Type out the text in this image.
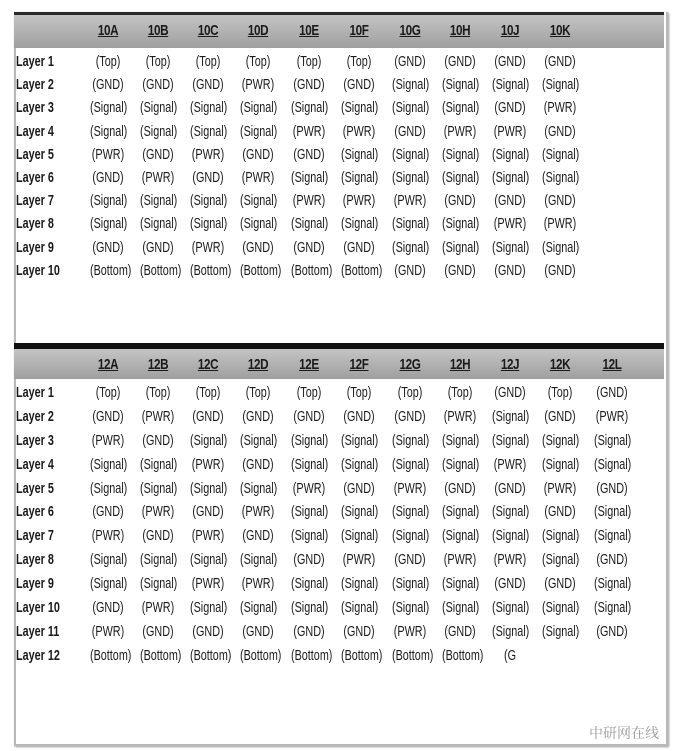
10A	10B	10C	10D	10E	10F	10G	10H	10J	10K
Layer 1	(Top)	(Top)	(Top)	(Top)	(Top)	(Top)	(GND) (GND) (GND) (GND)
Layer 2	(GND) (GND) (GND) (PWR) (GND) (GND) (Signal) (Signal) (Signal) (Signal)
Layer 3 (Signal) (Signal) (Signal) (Signal) (Signal) (Signal) (Signal) (Signal) (GND) (PWR)
Layer 4 (Signal) (Signal) (Signal) (Signal) (PWR) (PWR) (GND) (PWR) (PWR) (GND)
Layer 5	(PWR) (GND) (PWR) (GND) (GND) (Signal) (Signal) (Signal) (Signal) (Signal)
Layer 6	(GND) (PWR) (GND) (PWR) (Signal) (Signal) (Signal) (Signal) (Signal) (Signal)
Layer 7 (Signal) (Signal) (Signal) (Signal) (PWR) (PWR) (PWR) (GND) (GND) (GND)
Layer 8 (Signal) (Signal) (Signal) (Signal) (Signal) (Signal) (Signal) (Signal) (PWR) (PWR)
Layer 9	(GND) (GND) (PWR) (GND) (GND) (GND) (Signal) (Signal) (Signal) (Signal)
Layer 10 (Bottom) (Bottom) (Bottom) (Bottom) (Bottom) (Bottom) (GND) (GND) (GND) (GND)
12A	12B	12C	12D	12E	12F	12G	12H	12J	12K	12L
Layer 1	(Top)	(Top)	(Top)	(Top)	(Top)	(Top)	(Top)	(Top)	(GND)	(Top)	(GND)
Layer 2	(GND) (PWR) (GND) (GND) (GND) (GND) (GND) (PWR) (Signal) (GND) (PWR)
Layer 3	(PWR) (GND) (Signal) (Signal) (Signal) (Signal) (Signal) (Signal) (Signal) (Signal) (Signal)
Layer 4 (Signal) (Signal) (PWR) (GND) (Signal) (Signal) (Signal) (Signal) (PWR) (Signal) (Signal)
Layer 5 (Signal) (Signal) (Signal) (Signal) (PWR) (GND) (PWR) (GND) (GND) (PWR) (GND)
Layer 6	(GND) (PWR) (GND) (PWR) (Signal) (Signal) (Signal) (Signal) (Signal) (GND) (Signal)
Layer 7	(PWR) (GND) (PWR) (GND) (Signal) (Signal) (Signal) (Signal) (Signal) (Signal) (Signal)
Layer 8 (Signal) (Signal) (Signal) (Signal) (GND) (PWR) (GND) (PWR) (PWR) (Signal) (GND)
Layer 9 (Signal) (Signal) (PWR) (PWR) (Signal) (Signal) (Signal) (Signal) (GND) (GND) (Signal)
Layer 10 (GND) (PWR) (Signal) (Signal) (Signal) (Signal) (Signal) (Signal) (Signal) (Signal) (Signal)
Layer 11 (PWR) (GND) (GND) (GND) (GND) (GND) (PWR) (GND) (Signal) (Signal) (GND)
Layer 12 (Bottom) (Bottom) (Bottom) (Bottom) (Bottom) (Bottom) (Bottom) (Bottom)	(G
中研网在线
